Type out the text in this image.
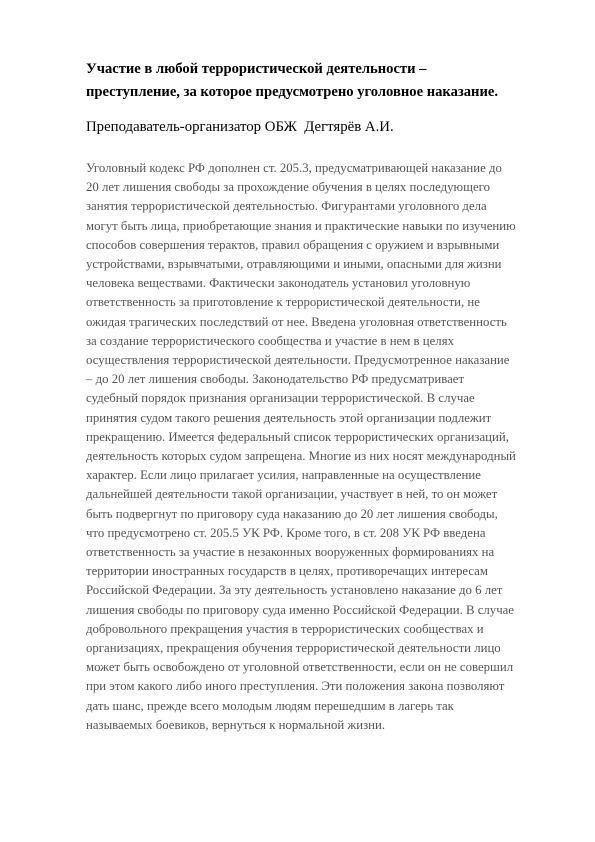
Участие в любой террористической деятельности –
преступление, за которое предусмотрено уголовное наказание.

Преподаватель-организатор ОБЖ  Дегтярёв А.И.

Уголовный кодекс РФ дополнен ст. 205.3, предусматривающей наказание до
20 лет лишения свободы за прохождение обучения в целях последующего
занятия террористической деятельностью. Фигурантами уголовного дела
могут быть лица, приобретающие знания и практические навыки по изучению
способов совершения терактов, правил обращения с оружием и взрывными
устройствами, взрывчатыми, отравляющими и иными, опасными для жизни
человека веществами. Фактически законодатель установил уголовную
ответственность за приготовление к террористической деятельности, не
ожидая трагических последствий от нее. Введена уголовная ответственность
за создание террористического сообщества и участие в нем в целях
осуществления террористической деятельности. Предусмотренное наказание
– до 20 лет лишения свободы. Законодательство РФ предусматривает
судебный порядок признания организации террористической. В случае
принятия судом такого решения деятельность этой организации подлежит
прекращению. Имеется федеральный список террористических организаций,
деятельность которых судом запрещена. Многие из них носят международный
характер. Если лицо прилагает усилия, направленные на осуществление
дальнейшей деятельности такой организации, участвует в ней, то он может
быть подвергнут по приговору суда наказанию до 20 лет лишения свободы,
что предусмотрено ст. 205.5 УК РФ. Кроме того, в ст. 208 УК РФ введена
ответственность за участие в незаконных вооруженных формированиях на
территории иностранных государств в целях, противоречащих интересам
Российской Федерации. За эту деятельность установлено наказание до 6 лет
лишения свободы по приговору суда именно Российской Федерации. В случае
добровольного прекращения участия в террористических сообществах и
организациях, прекращения обучения террористической деятельности лицо
может быть освобождено от уголовной ответственности, если он не совершил
при этом какого либо иного преступления. Эти положения закона позволяют
дать шанс, прежде всего молодым людям перешедшим в лагерь так
называемых боевиков, вернуться к нормальной жизни.
